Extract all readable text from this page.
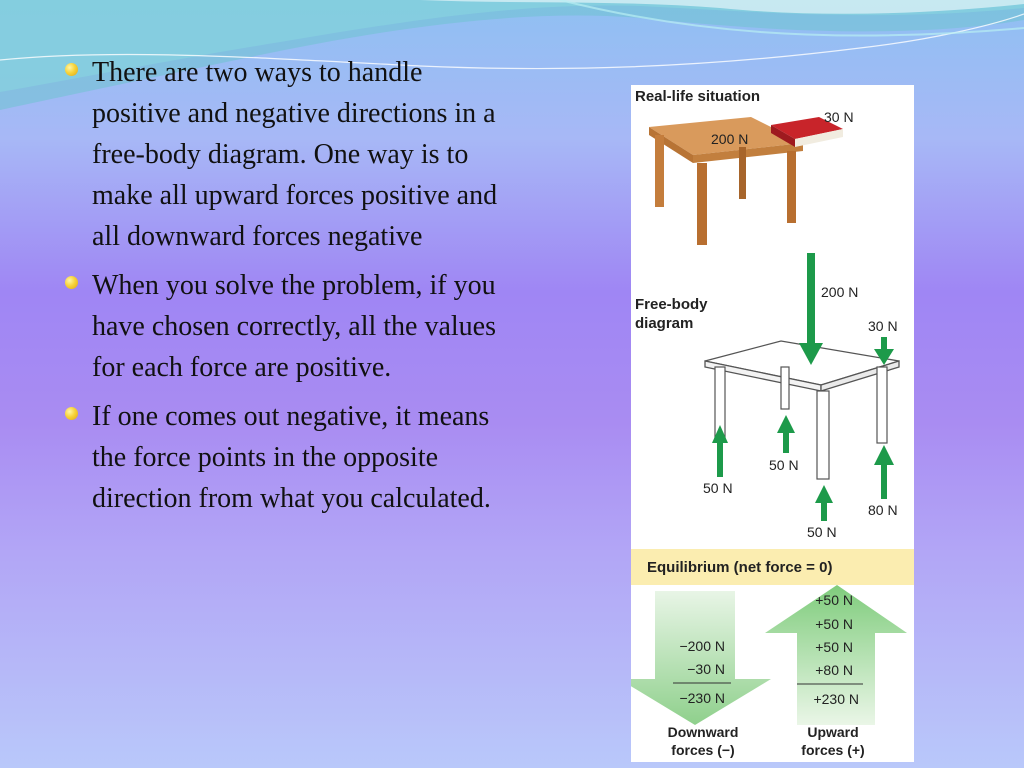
There are two ways to handle positive and negative directions in a free-body diagram. One way is to make all upward forces positive and all downward forces negative
When you solve the problem, if you have chosen correctly, all the values for each force are positive.
If one comes out negative, it means the force points in the opposite direction from what you calculated.
Real-life situation
200 N
30 N
Free-body
diagram
200 N
30 N
50 N
50 N
50 N
80 N
Equilibrium (net force = 0)
−200 N
−30 N
−230 N
+50 N
+50 N
+50 N
+80 N
+230 N
Downward
forces (−)
Upward
forces (+)
